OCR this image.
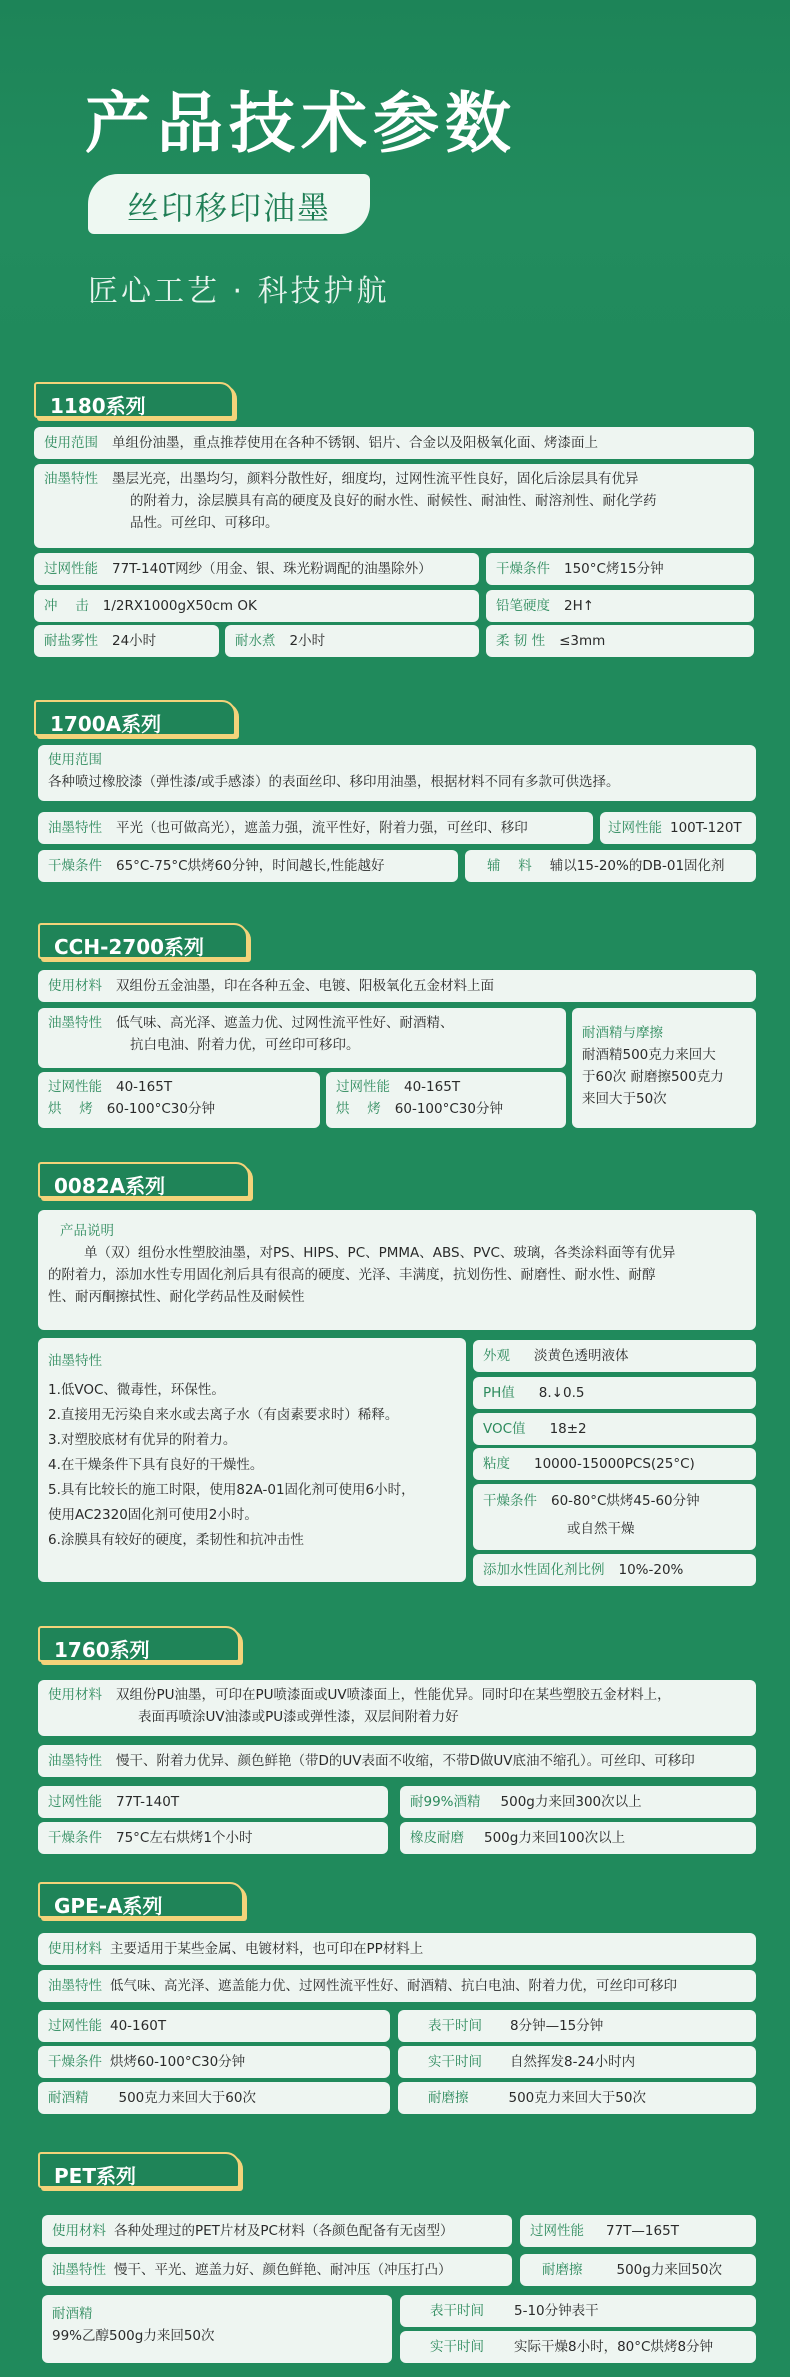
产品技术参数
丝印移印油墨
匠心工艺 · 科技护航
1180系列
使用范围 单组份油墨，重点推荐使用在各种不锈钢、铝片、合金以及阳极氧化面、烤漆面上
油墨特性 墨层光亮，出墨均匀，颜料分散性好，细度均，过网性流平性良好，固化后涂层具有优异
的附着力，涂层膜具有高的硬度及良好的耐水性、耐候性、耐油性、耐溶剂性、耐化学药
品性。可丝印、可移印。
过网性能 77T-140T网纱（用金、银、珠光粉调配的油墨除外）	干燥条件 150°C烤15分钟
冲　 击 1/2RX1000gX50cm OK	铅笔硬度 2H↑
耐盐雾性 24小时	耐水煮 2小时	柔 韧 性 ≤3mm
1700A系列
使用范围
各种喷过橡胶漆（弹性漆/或手感漆）的表面丝印、移印用油墨，根据材料不同有多款可供选择。
油墨特性 平光（也可做高光），遮盖力强，流平性好，附着力强，可丝印、移印	过网性能 100T-120T
干燥条件 65°C-75°C烘烤60分钟，时间越长,性能越好	辅　 料 辅以15-20%的DB-01固化剂
CCH-2700系列
使用材料 双组份五金油墨，印在各种五金、电镀、阳极氧化五金材料上面
油墨特性 低气味、高光泽、遮盖力优、过网性流平性好、耐酒精、
抗白电油、附着力优，可丝印可移印。
耐酒精与摩擦
耐酒精500克力来回大
于60次 耐磨擦500克力
来回大于50次
过网性能 40-165T
烘　 烤 60-100°C30分钟
过网性能 40-165T
烘　 烤 60-100°C30分钟
0082A系列
产品说明
单（双）组份水性塑胶油墨，对PS、HIPS、PC、PMMA、ABS、PVC、玻璃，各类涂料面等有优异
的附着力，添加水性专用固化剂后具有很高的硬度、光泽、丰满度，抗划伤性、耐磨性、耐水性、耐醇
性、耐丙酮擦拭性、耐化学药品性及耐候性
油墨特性
1.低VOC、微毒性，环保性。
2.直接用无污染自来水或去离子水（有卤素要求时）稀释。
3.对塑胶底材有优异的附着力。
4.在干燥条件下具有良好的干燥性。
5.具有比较长的施工时限，使用82A-01固化剂可使用6小时，
使用AC2320固化剂可使用2小时。
6.涂膜具有较好的硬度，柔韧性和抗冲击性
外观 淡黄色透明液体
PH值 8.↓0.5
VOC值 18±2
粘度 10000-15000PCS(25°C)
干燥条件 60-80°C烘烤45-60分钟
或自然干燥
添加水性固化剂比例 10%-20%
1760系列
使用材料 双组份PU油墨，可印在PU喷漆面或UV喷漆面上，性能优异。同时印在某些塑胶五金材料上，
表面再喷涂UV油漆或PU漆或弹性漆，双层间附着力好
油墨特性 慢干、附着力优异、颜色鲜艳（带D的UV表面不收缩，不带D做UV底油不缩孔）。可丝印、可移印
过网性能 77T-140T	耐99%酒精 500g力来回300次以上
干燥条件 75°C左右烘烤1个小时	橡皮耐磨 500g力来回100次以上
GPE-A系列
使用材料 主要适用于某些金属、电镀材料，也可印在PP材料上
油墨特性 低气味、高光泽、遮盖能力优、过网性流平性好、耐酒精、抗白电油、附着力优，可丝印可移印
过网性能 40-160T	表干时间 8分钟—15分钟
干燥条件 烘烤60-100°C30分钟	实干时间 自然挥发8-24小时内
耐酒精 500克力来回大于60次	耐磨擦	500克力来回大于50次
PET系列
使用材料 各种处理过的PET片材及PC材料（各颜色配备有无卤型）	过网性能 77T—165T
油墨特性 慢干、平光、遮盖力好、颜色鲜艳、耐冲压（冲压打凸）	耐磨擦	500g力来回50次
耐酒精
99%乙醇500g力来回50次
表干时间 5-10分钟表干
实干时间 实际干燥8小时，80°C烘烤8分钟
